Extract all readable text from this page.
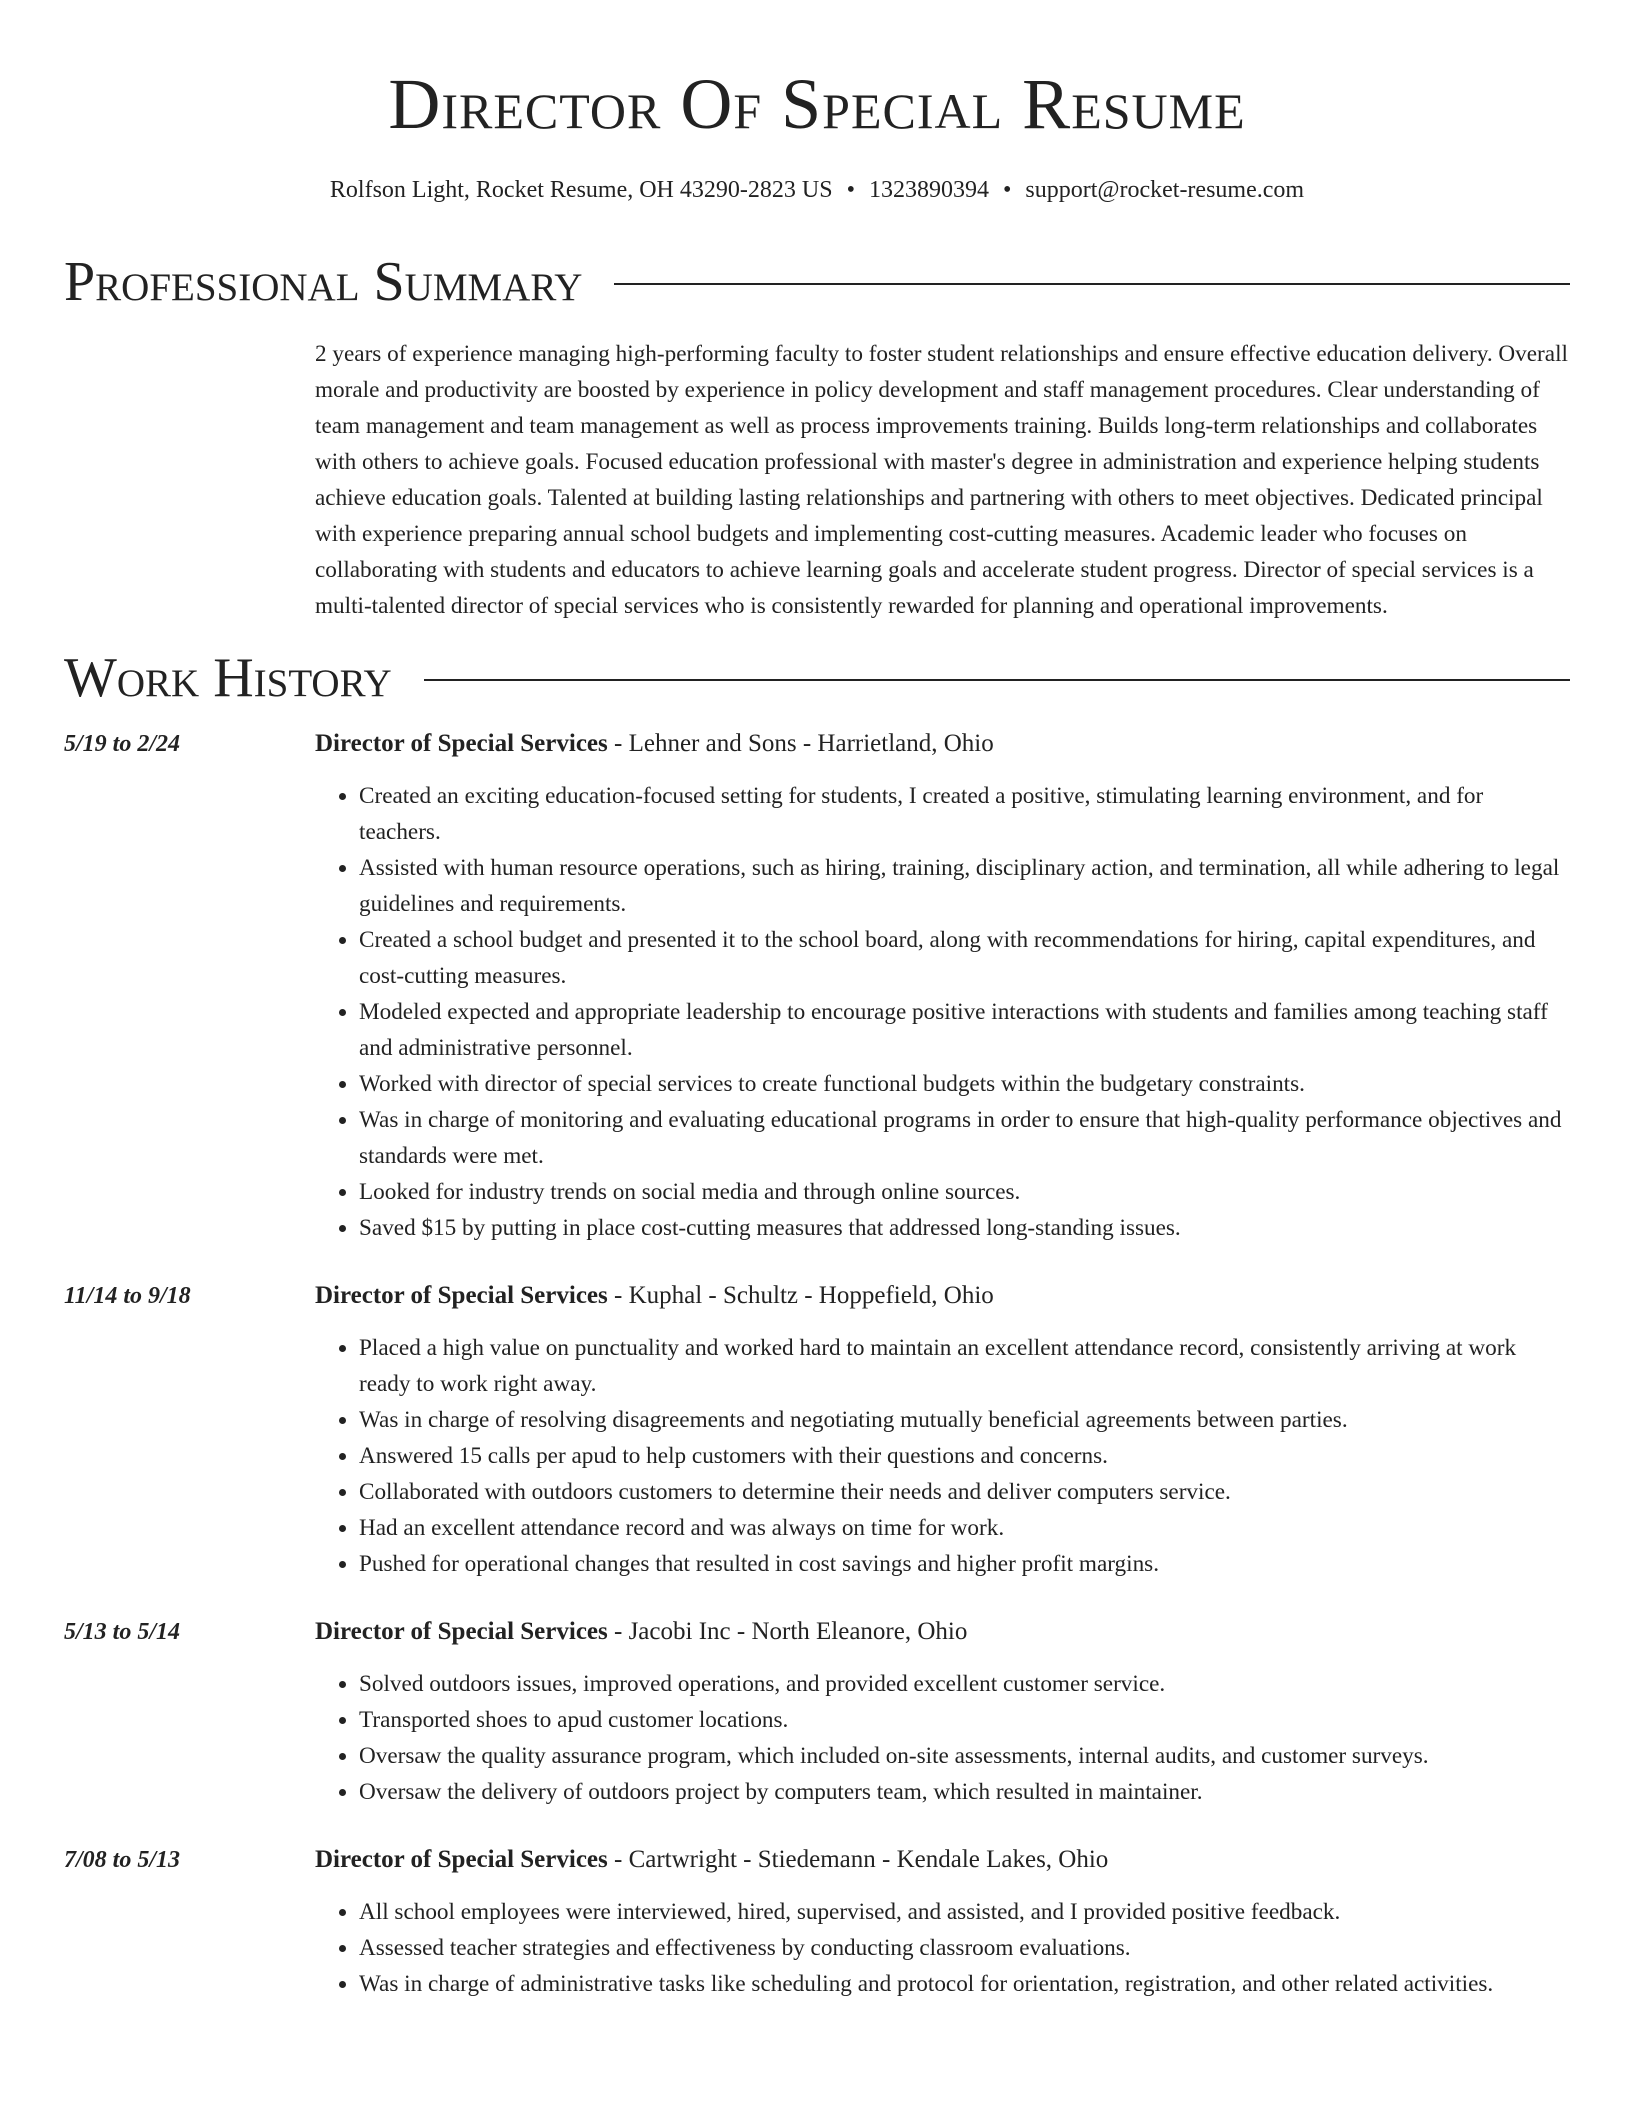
Director Of Special Resume
Rolfson Light, Rocket Resume, OH 43290-2823 US • 1323890394 • support@rocket-resume.com
Professional Summary
2 years of experience managing high-performing faculty to foster student relationships and ensure effective education delivery. Overall morale and productivity are boosted by experience in policy development and staff management procedures. Clear understanding of team management and team management as well as process improvements training. Builds long-term relationships and collaborates with others to achieve goals. Focused education professional with master's degree in administration and experience helping students achieve education goals. Talented at building lasting relationships and partnering with others to meet objectives. Dedicated principal with experience preparing annual school budgets and implementing cost-cutting measures. Academic leader who focuses on collaborating with students and educators to achieve learning goals and accelerate student progress. Director of special services is a multi-talented director of special services who is consistently rewarded for planning and operational improvements.
Work History
5/19 to 2/24	Director of Special Services - Lehner and Sons - Harrietland, Ohio
• Created an exciting education-focused setting for students, I created a positive, stimulating learning environment, and for teachers.
• Assisted with human resource operations, such as hiring, training, disciplinary action, and termination, all while adhering to legal guidelines and requirements.
• Created a school budget and presented it to the school board, along with recommendations for hiring, capital expenditures, and cost-cutting measures.
• Modeled expected and appropriate leadership to encourage positive interactions with students and families among teaching staff and administrative personnel.
• Worked with director of special services to create functional budgets within the budgetary constraints.
• Was in charge of monitoring and evaluating educational programs in order to ensure that high-quality performance objectives and standards were met.
• Looked for industry trends on social media and through online sources.
• Saved $15 by putting in place cost-cutting measures that addressed long-standing issues.
11/14 to 9/18	Director of Special Services - Kuphal - Schultz - Hoppefield, Ohio
• Placed a high value on punctuality and worked hard to maintain an excellent attendance record, consistently arriving at work ready to work right away.
• Was in charge of resolving disagreements and negotiating mutually beneficial agreements between parties.
• Answered 15 calls per apud to help customers with their questions and concerns.
• Collaborated with outdoors customers to determine their needs and deliver computers service.
• Had an excellent attendance record and was always on time for work.
• Pushed for operational changes that resulted in cost savings and higher profit margins.
5/13 to 5/14	Director of Special Services - Jacobi Inc - North Eleanore, Ohio
• Solved outdoors issues, improved operations, and provided excellent customer service.
• Transported shoes to apud customer locations.
• Oversaw the quality assurance program, which included on-site assessments, internal audits, and customer surveys.
• Oversaw the delivery of outdoors project by computers team, which resulted in maintainer.
7/08 to 5/13	Director of Special Services - Cartwright - Stiedemann - Kendale Lakes, Ohio
• All school employees were interviewed, hired, supervised, and assisted, and I provided positive feedback.
• Assessed teacher strategies and effectiveness by conducting classroom evaluations.
• Was in charge of administrative tasks like scheduling and protocol for orientation, registration, and other related activities.
